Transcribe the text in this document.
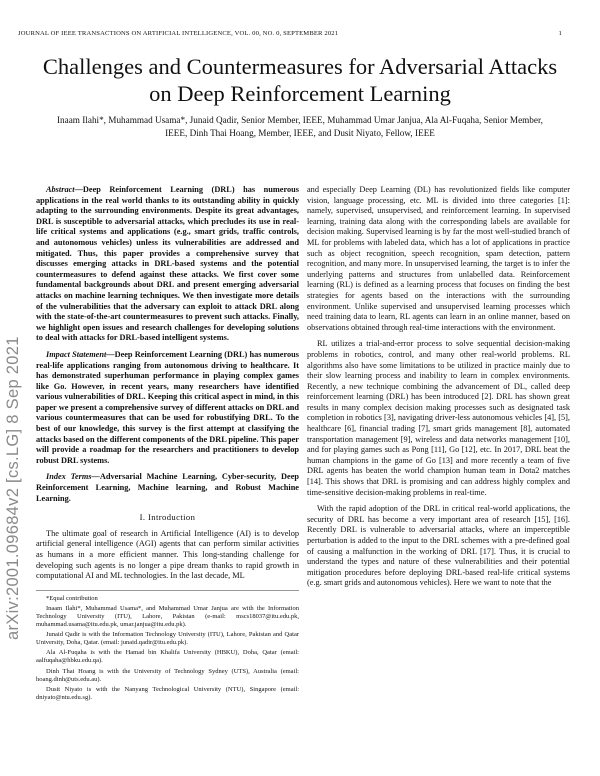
JOURNAL OF IEEE TRANSACTIONS ON ARTIFICIAL INTELLIGENCE, VOL. 00, NO. 0, SEPTEMBER 2021	1
arXiv:2001.09684v2 [cs.LG] 8 Sep 2021
Challenges and Countermeasures for Adversarial Attacks on Deep Reinforcement Learning
Inaam Ilahi*, Muhammad Usama*, Junaid Qadir, Senior Member, IEEE, Muhammad Umar Janjua, Ala Al-Fuqaha, Senior Member, IEEE, Dinh Thai Hoang, Member, IEEE, and Dusit Niyato, Fellow, IEEE

Abstract—Deep Reinforcement Learning (DRL) has numerous applications in the real world thanks to its outstanding ability in quickly adapting to the surrounding environments. Despite its great advantages, DRL is susceptible to adversarial attacks, which precludes its use in real-life critical systems and applications (e.g., smart grids, traffic controls, and autonomous vehicles) unless its vulnerabilities are addressed and mitigated. Thus, this paper provides a comprehensive survey that discusses emerging attacks in DRL-based systems and the potential countermeasures to defend against these attacks. We first cover some fundamental backgrounds about DRL and present emerging adversarial attacks on machine learning techniques. We then investigate more details of the vulnerabilities that the adversary can exploit to attack DRL along with the state-of-the-art countermeasures to prevent such attacks. Finally, we highlight open issues and research challenges for developing solutions to deal with attacks for DRL-based intelligent systems.

Impact Statement—Deep Reinforcement Learning (DRL) has numerous real-life applications ranging from autonomous driving to healthcare. It has demonstrated superhuman performance in playing complex games like Go. However, in recent years, many researchers have identified various vulnerabilities of DRL. Keeping this critical aspect in mind, in this paper we present a comprehensive survey of different attacks on DRL and various countermeasures that can be used for robustifying DRL. To the best of our knowledge, this survey is the first attempt at classifying the attacks based on the different components of the DRL pipeline. This paper will provide a roadmap for the researchers and practitioners to develop robust DRL systems.

Index Terms—Adversarial Machine Learning, Cyber-security, Deep Reinforcement Learning, Machine learning, and Robust Machine Learning.

I. Introduction

The ultimate goal of research in Artificial Intelligence (AI) is to develop artificial general intelligence (AGI) agents that can perform similar activities as humans in a more efficient manner. This long-standing challenge for developing such agents is no longer a pipe dream thanks to rapid growth in computational AI and ML technologies. In the last decade, ML

*Equal contribution

Inaam Ilahi*, Muhammad Usama*, and Muhammad Umar Janjua are with the Information Technology University (ITU), Lahore, Pakistan (e-mail: mscs18037@itu.edu.pk, muhammad.usama@itu.edu.pk, umar.janjua@itu.edu.pk).

Junaid Qadir is with the Information Technology University (ITU), Lahore, Pakistan and Qatar University, Doha, Qatar. (email: junaid.qadir@itu.edu.pk).

Ala Al-Fuqaha is with the Hamad bin Khalifa University (HBKU), Doha, Qatar (email: aalfuqaha@hbku.edu.qa).

Dinh Thai Hoang is with the University of Technology Sydney (UTS), Australia (email: hoang.dinh@uts.edu.au).

Dusit Niyato is with the Nanyang Technological University (NTU), Singapore (email: dniyato@ntu.edu.sg).

and especially Deep Learning (DL) has revolutionized fields like computer vision, language processing, etc. ML is divided into three categories [1]: namely, supervised, unsupervised, and reinforcement learning. In supervised learning, training data along with the corresponding labels are available for decision making. Supervised learning is by far the most well-studied branch of ML for problems with labeled data, which has a lot of applications in practice such as object recognition, speech recognition, spam detection, pattern recognition, and many more. In unsupervised learning, the target is to infer the underlying patterns and structures from unlabelled data. Reinforcement learning (RL) is defined as a learning process that focuses on finding the best strategies for agents based on the interactions with the surrounding environment. Unlike supervised and unsupervised learning processes which need training data to learn, RL agents can learn in an online manner, based on observations obtained through real-time interactions with the environment.

RL utilizes a trial-and-error process to solve sequential decision-making problems in robotics, control, and many other real-world problems. RL algorithms also have some limitations to be utilized in practice mainly due to their slow learning process and inability to learn in complex environments. Recently, a new technique combining the advancement of DL, called deep reinforcement learning (DRL) has been introduced [2]. DRL has shown great results in many complex decision making processes such as designated task completion in robotics [3], navigating driver-less autonomous vehicles [4], [5], healthcare [6], financial trading [7], smart grids management [8], automated transportation management [9], wireless and data networks management [10], and for playing games such as Pong [11], Go [12], etc. In 2017, DRL beat the human champions in the game of Go [13] and more recently a team of five DRL agents has beaten the world champion human team in Dota2 matches [14]. This shows that DRL is promising and can address highly complex and time-sensitive decision-making problems in real-time.

With the rapid adoption of the DRL in critical real-world applications, the security of DRL has become a very important area of research [15], [16]. Recently DRL is vulnerable to adversarial attacks, where an imperceptible perturbation is added to the input to the DRL schemes with a pre-defined goal of causing a malfunction in the working of DRL [17]. Thus, it is crucial to understand the types and nature of these vulnerabilities and their potential mitigation procedures before deploying DRL-based real-life critical systems (e.g. smart grids and autonomous vehicles). Here we want to note that the
